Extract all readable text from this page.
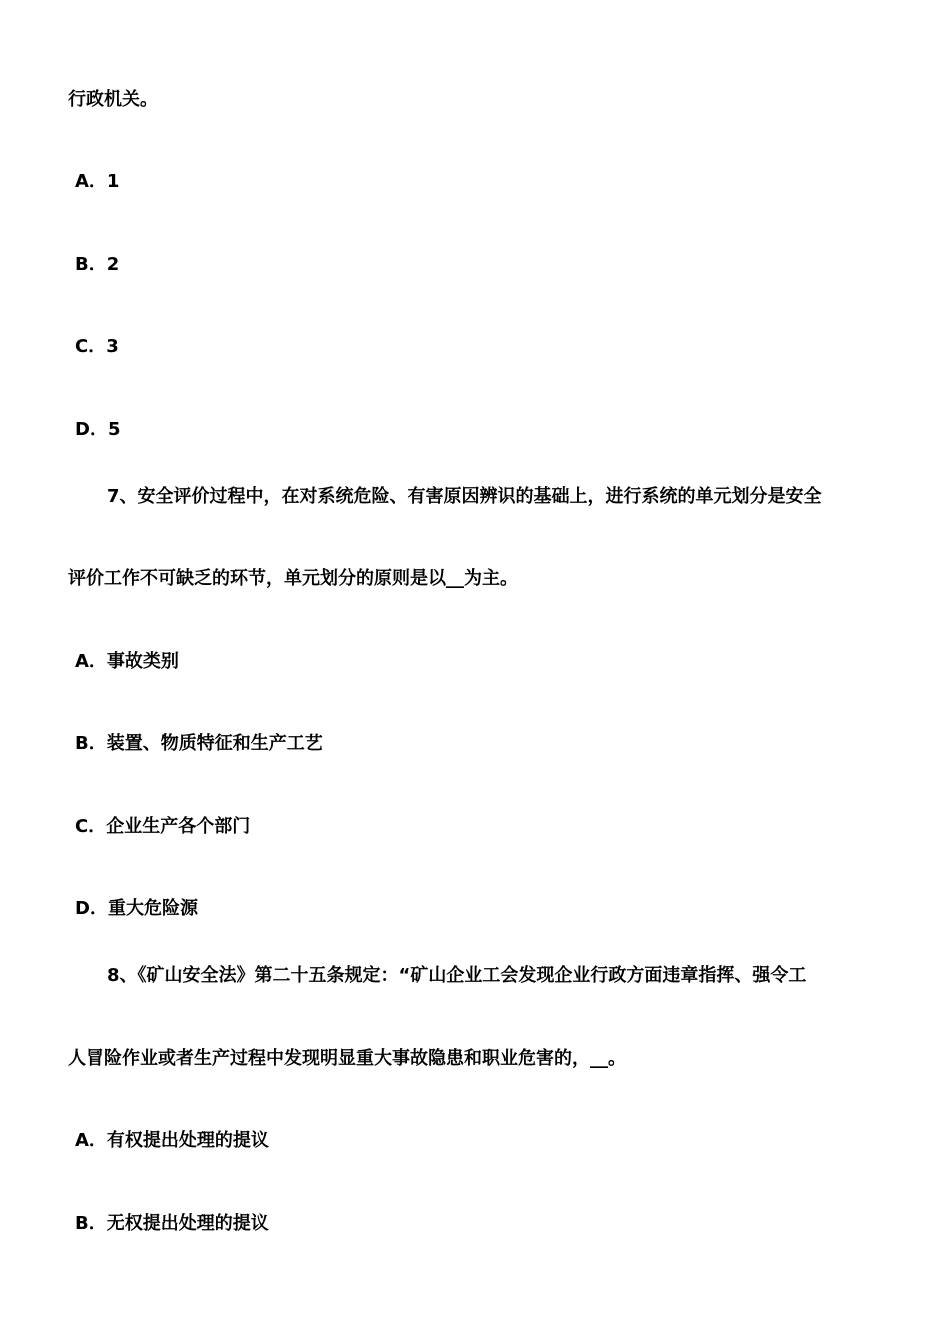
行政机关。
A．1
B．2
C．3
D．5
7、安全评价过程中，在对系统危险、有害原因辨识的基础上，进行系统的单元划分是安全
评价工作不可缺乏的环节，单元划分的原则是以__为主。
A．事故类别
B．装置、物质特征和生产工艺
C．企业生产各个部门
D．重大危险源
8、《矿山安全法》第二十五条规定：“矿山企业工会发现企业行政方面违章指挥、强令工
人冒险作业或者生产过程中发现明显重大事故隐患和职业危害的，__。
A．有权提出处理的提议
B．无权提出处理的提议
